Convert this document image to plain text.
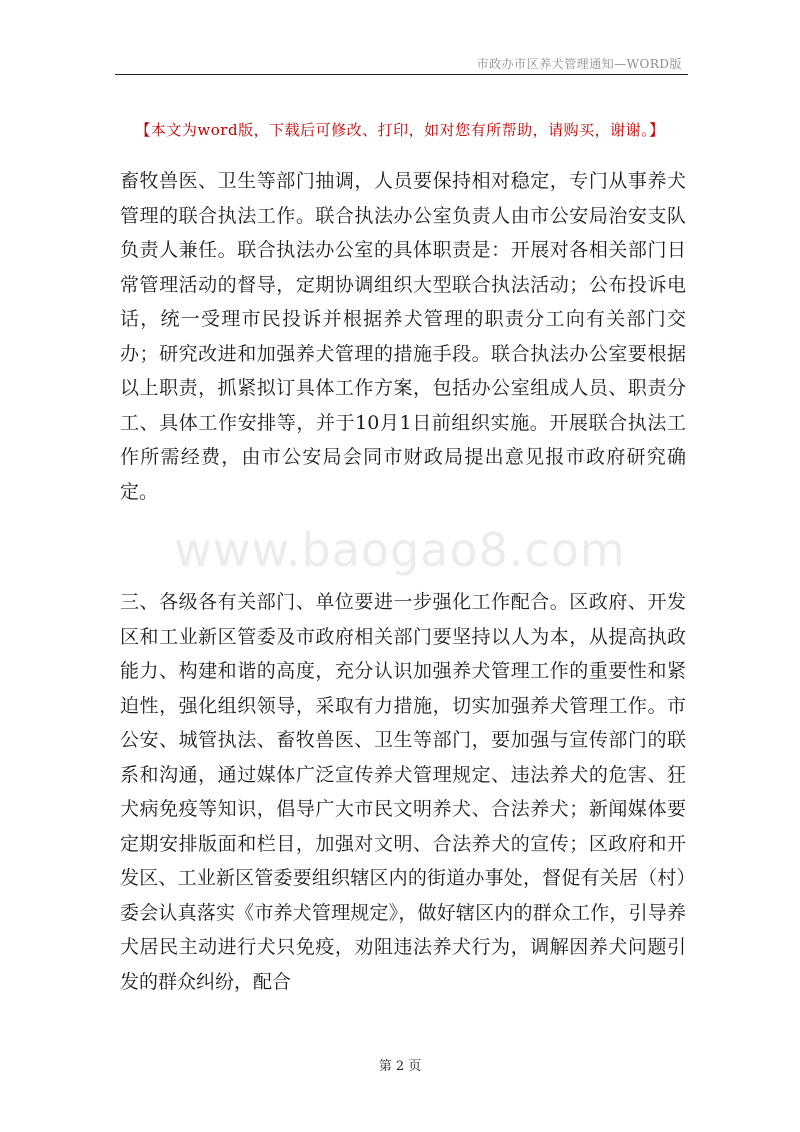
市政办市区养犬管理通知—WORD版
【本文为word版，下载后可修改、打印，如对您有所帮助，请购买，谢谢。】

畜牧兽医、卫生等部门抽调，人员要保持相对稳定，专门从事养犬管理的联合执法工作。联合执法办公室负责人由市公安局治安支队负责人兼任。联合执法办公室的具体职责是：开展对各相关部门日常管理活动的督导，定期协调组织大型联合执法活动；公布投诉电话，统一受理市民投诉并根据养犬管理的职责分工向有关部门交办；研究改进和加强养犬管理的措施手段。联合执法办公室要根据以上职责，抓紧拟订具体工作方案，包括办公室组成人员、职责分工、具体工作安排等，并于10月1日前组织实施。开展联合执法工作所需经费，由市公安局会同市财政局提出意见报市政府研究确定。

www.baogao8.com

三、各级各有关部门、单位要进一步强化工作配合。区政府、开发区和工业新区管委及市政府相关部门要坚持以人为本，从提高执政能力、构建和谐的高度，充分认识加强养犬管理工作的重要性和紧迫性，强化组织领导，采取有力措施，切实加强养犬管理工作。市公安、城管执法、畜牧兽医、卫生等部门，要加强与宣传部门的联系和沟通，通过媒体广泛宣传养犬管理规定、违法养犬的危害、狂犬病免疫等知识，倡导广大市民文明养犬、合法养犬；新闻媒体要定期安排版面和栏目，加强对文明、合法养犬的宣传；区政府和开发区、工业新区管委要组织辖区内的街道办事处，督促有关居（村）委会认真落实《市养犬管理规定》，做好辖区内的群众工作，引导养犬居民主动进行犬只免疫，劝阻违法养犬行为，调解因养犬问题引发的群众纠纷，配合

第 2 页
